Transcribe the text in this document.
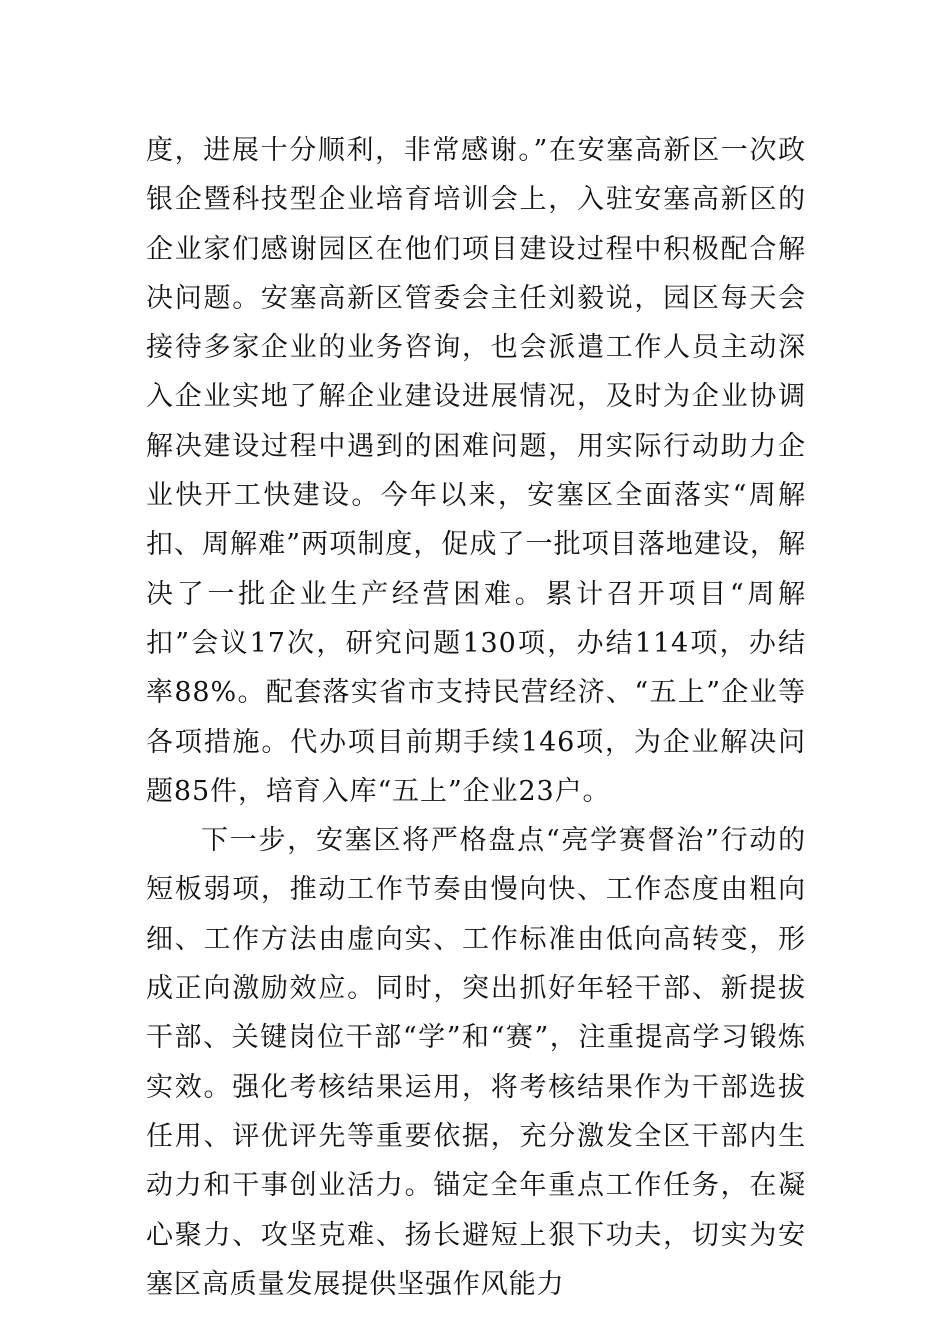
度，进展十分顺利，非常感谢。”在安塞高新区一次政银企暨科技型企业培育培训会上，入驻安塞高新区的企业家们感谢园区在他们项目建设过程中积极配合解决问题。安塞高新区管委会主任刘毅说，园区每天会接待多家企业的业务咨询，也会派遣工作人员主动深入企业实地了解企业建设进展情况，及时为企业协调解决建设过程中遇到的困难问题，用实际行动助力企业快开工快建设。今年以来，安塞区全面落实“周解扣、周解难”两项制度，促成了一批项目落地建设，解决了一批企业生产经营困难。累计召开项目“周解扣”会议17次，研究问题130项，办结114项，办结率88%。配套落实省市支持民营经济、“五上”企业等各项措施。代办项目前期手续146项，为企业解决问题85件，培育入库“五上”企业23户。

下一步，安塞区将严格盘点“亮学赛督治”行动的短板弱项，推动工作节奏由慢向快、工作态度由粗向细、工作方法由虚向实、工作标准由低向高转变，形成正向激励效应。同时，突出抓好年轻干部、新提拔干部、关键岗位干部“学”和“赛”，注重提高学习锻炼实效。强化考核结果运用，将考核结果作为干部选拔任用、评优评先等重要依据，充分激发全区干部内生动力和干事创业活力。锚定全年重点工作任务，在凝心聚力、攻坚克难、扬长避短上狠下功夫，切实为安塞区高质量发展提供坚强作风能力
